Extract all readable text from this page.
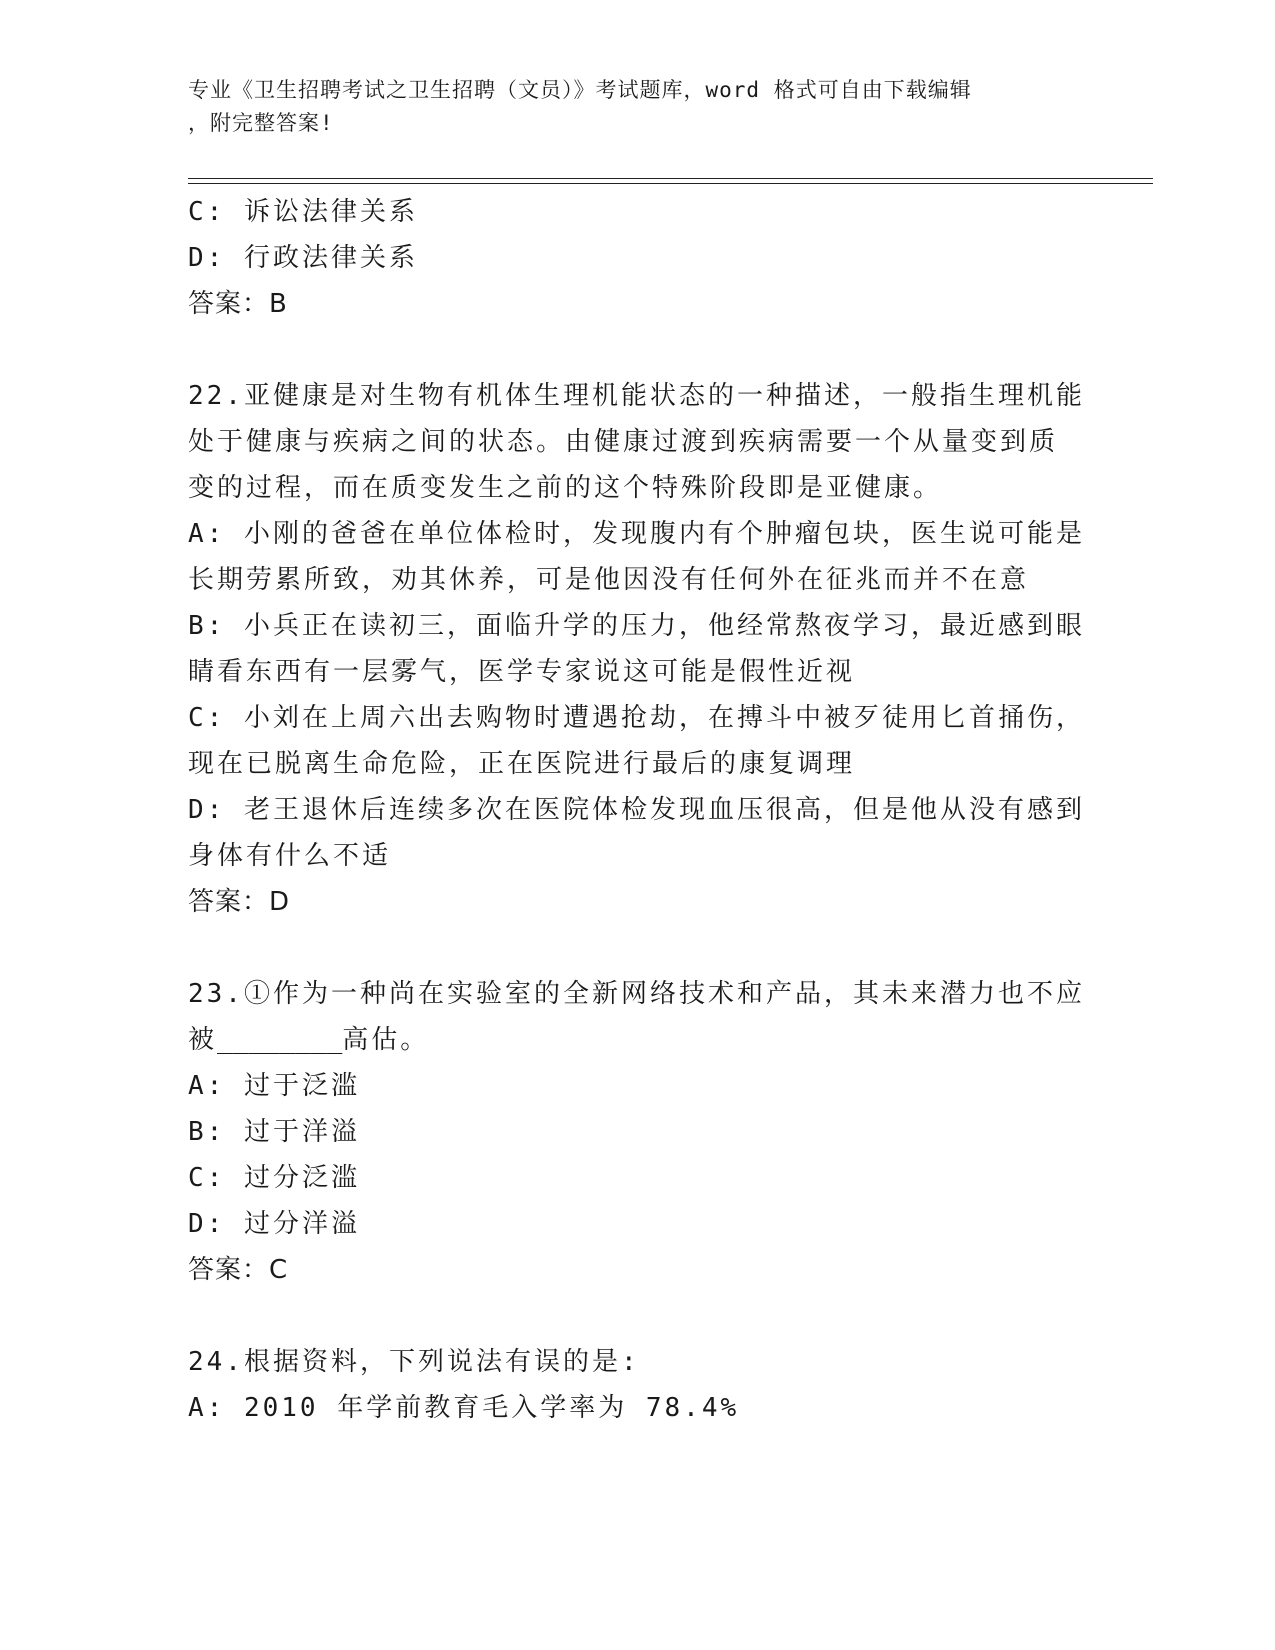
专业《卫生招聘考试之卫生招聘（文员）》考试题库，word 格式可自由下载编辑
，附完整答案!
C: 诉讼法律关系
D: 行政法律关系
答案：B
22.亚健康是对生物有机体生理机能状态的一种描述，一般指生理机能
处于健康与疾病之间的状态。由健康过渡到疾病需要一个从量变到质
变的过程，而在质变发生之前的这个特殊阶段即是亚健康。
A: 小刚的爸爸在单位体检时，发现腹内有个肿瘤包块，医生说可能是
长期劳累所致，劝其休养，可是他因没有任何外在征兆而并不在意
B: 小兵正在读初三，面临升学的压力，他经常熬夜学习，最近感到眼
睛看东西有一层雾气，医学专家说这可能是假性近视
C: 小刘在上周六出去购物时遭遇抢劫，在搏斗中被歹徒用匕首捅伤，
现在已脱离生命危险，正在医院进行最后的康复调理
D: 老王退休后连续多次在医院体检发现血压很高，但是他从没有感到
身体有什么不适
答案：D
23.①作为一种尚在实验室的全新网络技术和产品，其未来潜力也不应
被________高估。
A: 过于泛滥
B: 过于洋溢
C: 过分泛滥
D: 过分洋溢
答案：C
24.根据资料，下列说法有误的是:
A: 2010 年学前教育毛入学率为 78.4%
